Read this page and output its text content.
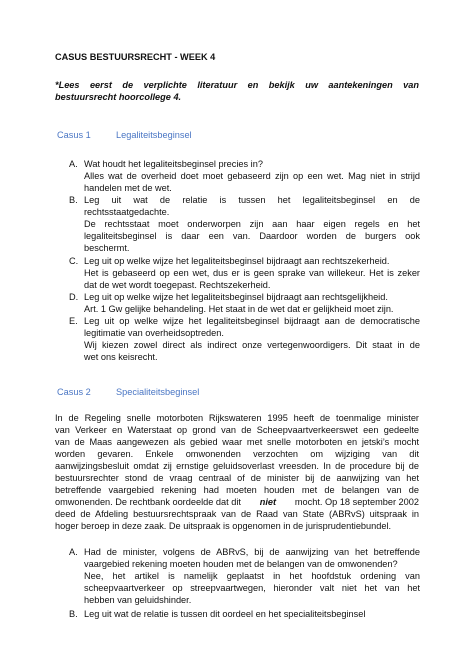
CASUS BESTUURSRECHT - WEEK 4
*Lees eerst de verplichte literatuur en bekijk uw aantekeningen van
bestuursrecht hoorcollege 4.
Casus 1	Legaliteitsbeginsel
A. Wat houdt het legaliteitsbeginsel precies in?
Alles wat de overheid doet moet gebaseerd zijn op een wet. Mag niet in strijd
handelen met de wet.
B. Leg uit wat de relatie is tussen het legaliteitsbeginsel en de
rechtsstaatgedachte.
De rechtsstaat moet onderworpen zijn aan haar eigen regels en het
legaliteitsbeginsel is daar een van. Daardoor worden de burgers ook
beschermt.
C. Leg uit op welke wijze het legaliteitsbeginsel bijdraagt aan rechtszekerheid.
Het is gebaseerd op een wet, dus er is geen sprake van willekeur. Het is zeker
dat de wet wordt toegepast. Rechtszekerheid.
D. Leg uit op welke wijze het legaliteitsbeginsel bijdraagt aan rechtsgelijkheid.
Art. 1 Gw gelijke behandeling. Het staat in de wet dat er gelijkheid moet zijn.
E. Leg uit op welke wijze het legaliteitsbeginsel bijdraagt aan de democratische
legitimatie van overheidsoptreden.
Wij kiezen zowel direct als indirect onze vertegenwoordigers. Dit staat in de
wet ons keisrecht.
Casus 2	Specialiteitsbeginsel
In de Regeling snelle motorboten Rijkswateren 1995 heeft de toenmalige minister
van Verkeer en Waterstaat op grond van de Scheepvaartverkeerswet een gedeelte
van de Maas aangewezen als gebied waar met snelle motorboten en jetski’s mocht
worden gevaren. Enkele omwonenden verzochten om wijziging van dit
aanwijzingsbesluit omdat zij ernstige geluidsoverlast vreesden. In de procedure bij de
bestuursrechter stond de vraag centraal of de minister bij de aanwijzing van het
betreffende vaargebied rekening had moeten houden met de belangen van de
omwonenden. De rechtbank oordeelde dat dit niet mocht. Op 18 september 2002
deed de Afdeling bestuursrechtspraak van de Raad van State (ABRvS) uitspraak in
hoger beroep in deze zaak. De uitspraak is opgenomen in de jurisprudentiebundel.
A. Had de minister, volgens de ABRvS, bij de aanwijzing van het betreffende
vaargebied rekening moeten houden met de belangen van de omwonenden?
Nee, het artikel is namelijk geplaatst in het hoofdstuk ordening van
scheepvaartverkeer op streepvaartwegen, hieronder valt niet het van het
hebben van geluidshinder.
B. Leg uit wat de relatie is tussen dit oordeel en het specialiteitsbeginsel
